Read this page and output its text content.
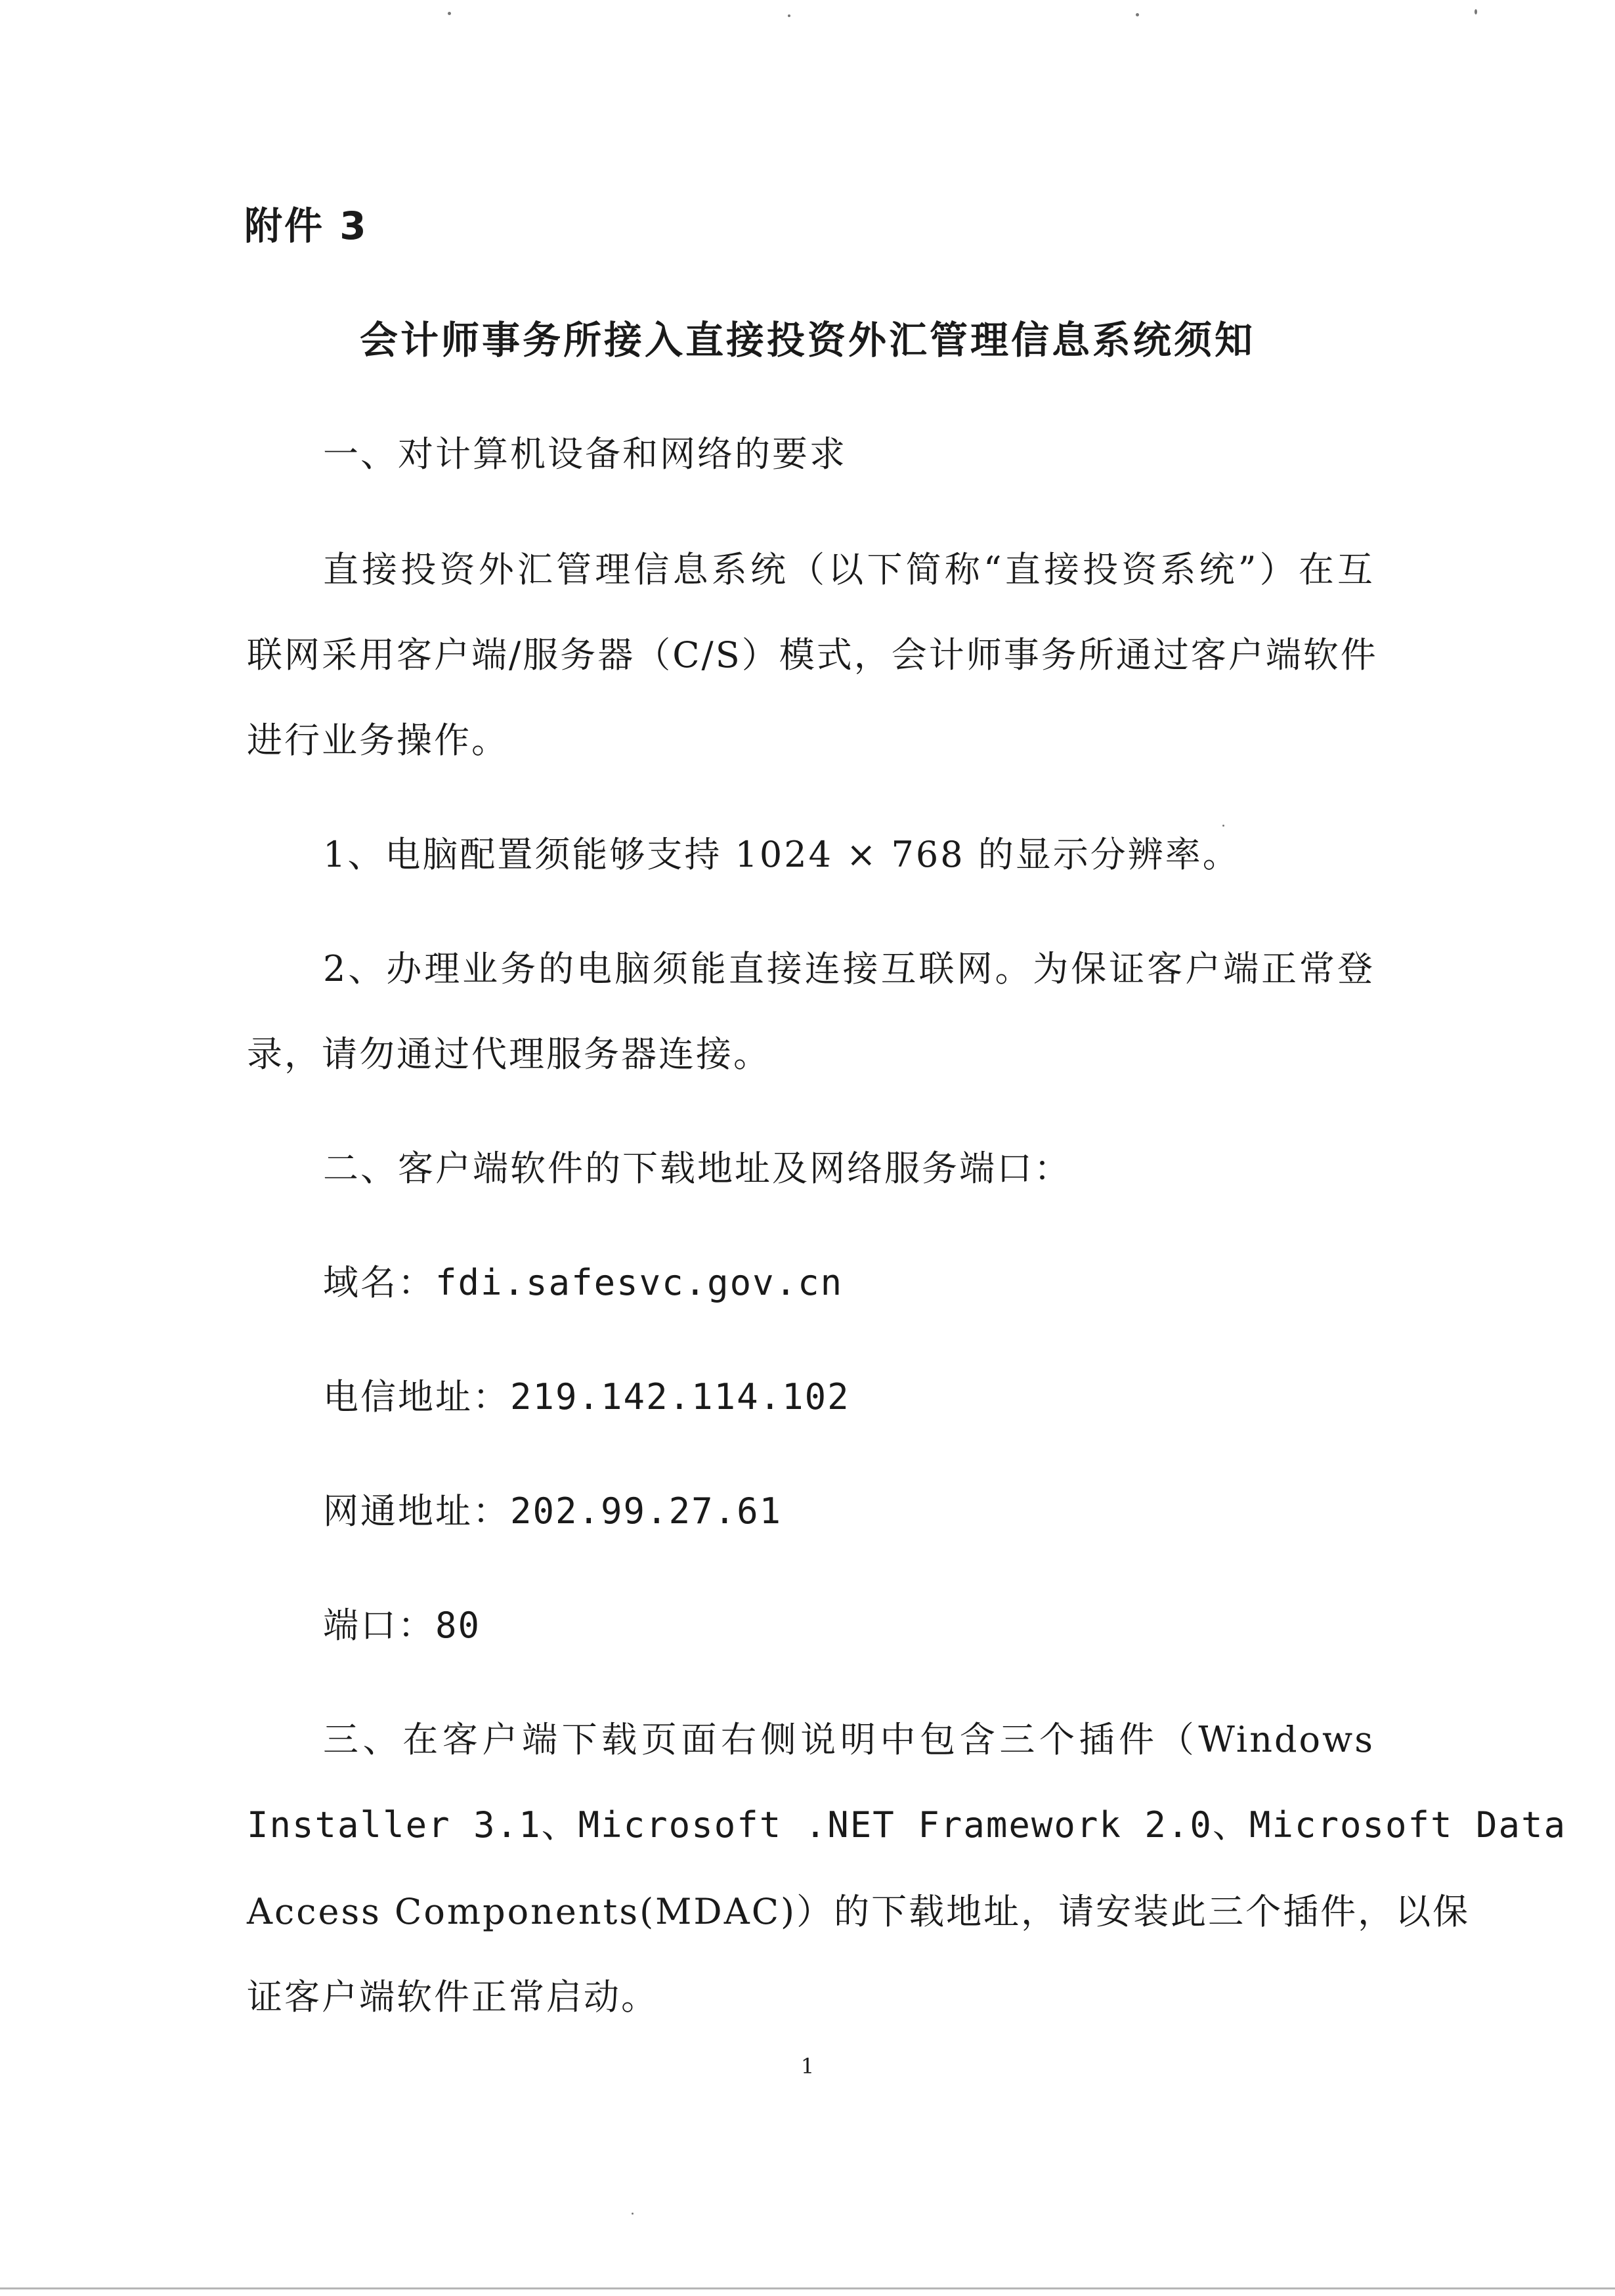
附件 3
会计师事务所接入直接投资外汇管理信息系统须知
一、对计算机设备和网络的要求
直接投资外汇管理信息系统（以下简称“直接投资系统”）在互
联网采用客户端/服务器（C/S）模式，会计师事务所通过客户端软件
进行业务操作。
1、电脑配置须能够支持 1024 × 768 的显示分辨率。
2、办理业务的电脑须能直接连接互联网。为保证客户端正常登
录，请勿通过代理服务器连接。
二、客户端软件的下载地址及网络服务端口：
域名：fdi.safesvc.gov.cn
电信地址：219.142.114.102
网通地址：202.99.27.61
端口：80
三、在客户端下载页面右侧说明中包含三个插件（Windows
Installer 3.1、Microsoft .NET Framework 2.0、Microsoft Data
Access Components(MDAC)）的下载地址，请安装此三个插件，以保
证客户端软件正常启动。
1
